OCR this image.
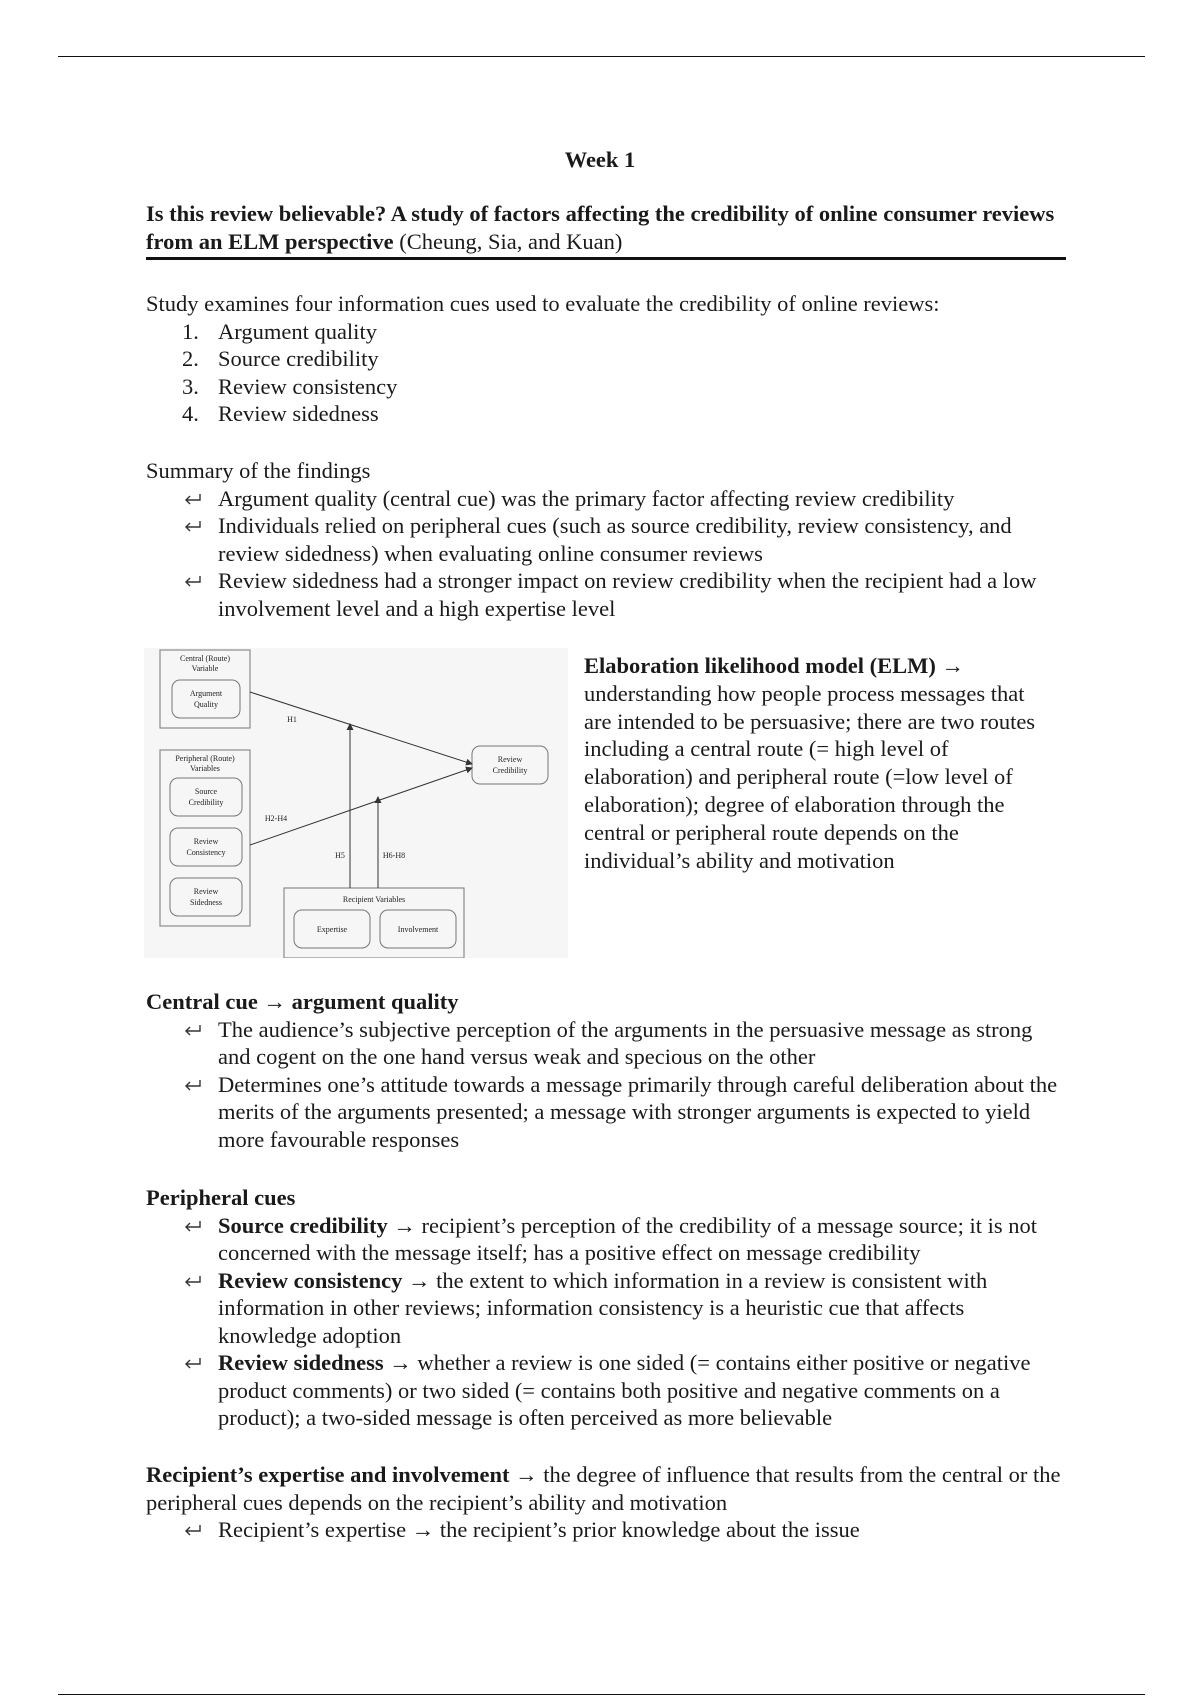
Week 1
Is this review believable? A study of factors affecting the credibility of online consumer reviews from an ELM perspective (Cheung, Sia, and Kuan)
Study examines four information cues used to evaluate the credibility of online reviews:
1. Argument quality
2. Source credibility
3. Review consistency
4. Review sidedness
Summary of the findings
Argument quality (central cue) was the primary factor affecting review credibility
Individuals relied on peripheral cues (such as source credibility, review consistency, and review sidedness) when evaluating online consumer reviews
Review sidedness had a stronger impact on review credibility when the recipient had a low involvement level and a high expertise level
Central (Route)
Variable
Argument
Quality
Peripheral (Route)
Variables
Source
Credibility
Review
Consistency
Review
Sidedness
Review
Credibility
Recipient Variables
Expertise	Involvement
H1
H2-H4
H5	H6-H8
Elaboration likelihood model (ELM) → understanding how people process messages that are intended to be persuasive; there are two routes including a central route (= high level of elaboration) and peripheral route (=low level of elaboration); degree of elaboration through the central or peripheral route depends on the individual’s ability and motivation
Central cue → argument quality
The audience’s subjective perception of the arguments in the persuasive message as strong and cogent on the one hand versus weak and specious on the other
Determines one’s attitude towards a message primarily through careful deliberation about the merits of the arguments presented; a message with stronger arguments is expected to yield more favourable responses
Peripheral cues
Source credibility → recipient’s perception of the credibility of a message source; it is not concerned with the message itself; has a positive effect on message credibility
Review consistency → the extent to which information in a review is consistent with information in other reviews; information consistency is a heuristic cue that affects knowledge adoption
Review sidedness → whether a review is one sided (= contains either positive or negative product comments) or two sided (= contains both positive and negative comments on a product); a two-sided message is often perceived as more believable
Recipient’s expertise and involvement → the degree of influence that results from the central or the peripheral cues depends on the recipient’s ability and motivation
Recipient’s expertise → the recipient’s prior knowledge about the issue
